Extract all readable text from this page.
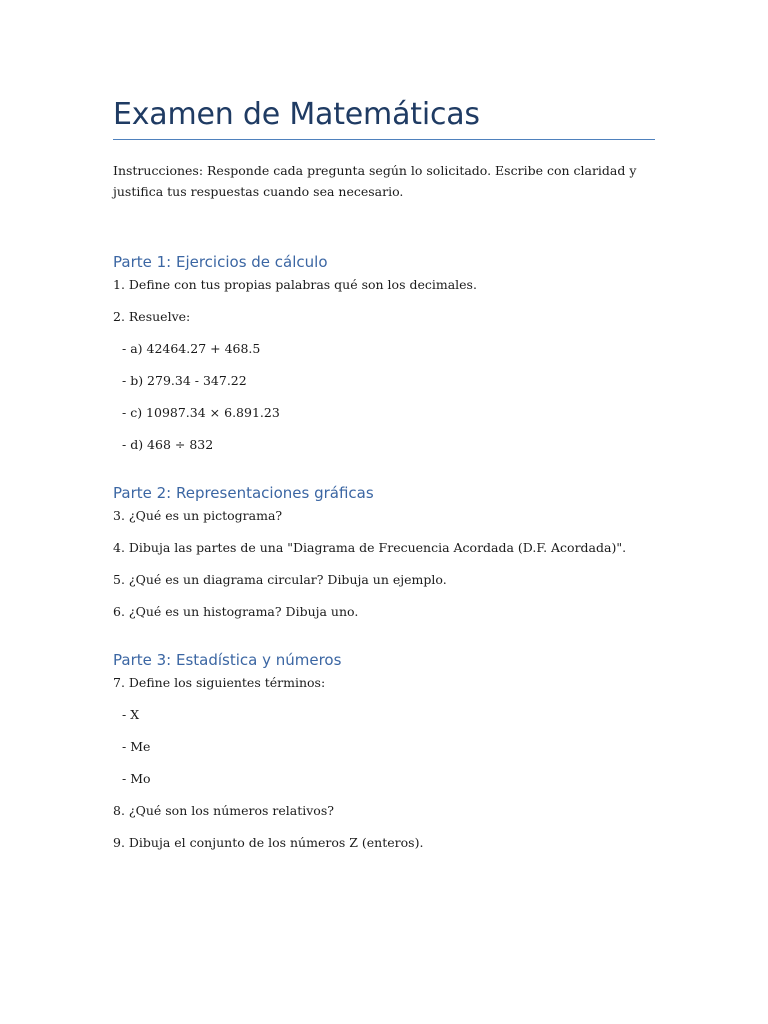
Examen de Matemáticas

Instrucciones: Responde cada pregunta según lo solicitado. Escribe con claridad y justifica tus respuestas cuando sea necesario.

Parte 1: Ejercicios de cálculo

1. Define con tus propias palabras qué son los decimales.

2. Resuelve:

- a) 42464.27 + 468.5

- b) 279.34 - 347.22

- c) 10987.34 × 6.891.23

- d) 468 ÷ 832

Parte 2: Representaciones gráficas

3. ¿Qué es un pictograma?

4. Dibuja las partes de una "Diagrama de Frecuencia Acordada (D.F. Acordada)".

5. ¿Qué es un diagrama circular? Dibuja un ejemplo.

6. ¿Qué es un histograma? Dibuja uno.

Parte 3: Estadística y números

7. Define los siguientes términos:

- X

- Me

- Mo

8. ¿Qué son los números relativos?

9. Dibuja el conjunto de los números Z (enteros).
